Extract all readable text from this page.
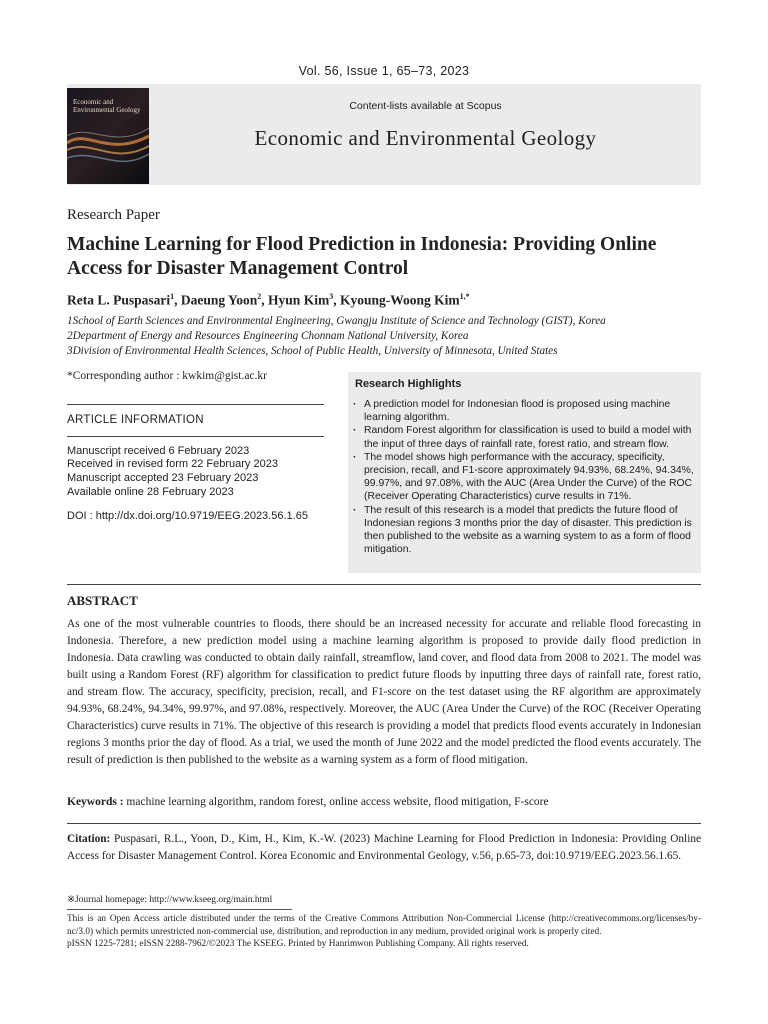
Vol. 56, Issue 1, 65–73, 2023
Economic and
Environmental Geology	Content-lists available at Scopus
Economic and Environmental Geology
Research Paper
Machine Learning for Flood Prediction in Indonesia: Providing Online Access for Disaster Management Control
Reta L. Puspasari$^1$, Daeung Yoon$^2$, Hyun Kim$^3$, Kyoung-Woong Kim$^{1,*}$
1School of Earth Sciences and Environmental Engineering, Gwangju Institute of Science and Technology (GIST), Korea
2Department of Energy and Resources Engineering Chonnam National University, Korea
3Division of Environmental Health Sciences, School of Public Health, University of Minnesota, United States
*Corresponding author : kwkim@gist.ac.kr
ARTICLE INFORMATION
Manuscript received 6 February 2023
Received in revised form 22 February 2023
Manuscript accepted 23 February 2023
Available online 28 February 2023
DOI : http://dx.doi.org/10.9719/EEG.2023.56.1.65
Research Highlights
· A prediction model for Indonesian flood is proposed using machine learning algorithm.
· Random Forest algorithm for classification is used to build a model with the input of three days of rainfall rate, forest ratio, and stream flow.
· The model shows high performance with the accuracy, specificity, precision, recall, and F1-score approximately 94.93%, 68.24%, 94.34%, 99.97%, and 97.08%, with the AUC (Area Under the Curve) of the ROC (Receiver Operating Characteristics) curve results in 71%.
· The result of this research is a model that predicts the future flood of Indonesian regions 3 months prior the day of disaster. This prediction is then published to the website as a warning system to as a form of flood mitigation.
ABSTRACT
As one of the most vulnerable countries to floods, there should be an increased necessity for accurate and reliable flood forecasting in Indonesia. Therefore, a new prediction model using a machine learning algorithm is proposed to provide daily flood prediction in Indonesia. Data crawling was conducted to obtain daily rainfall, streamflow, land cover, and flood data from 2008 to 2021. The model was built using a Random Forest (RF) algorithm for classification to predict future floods by inputting three days of rainfall rate, forest ratio, and stream flow. The accuracy, specificity, precision, recall, and F1-score on the test dataset using the RF algorithm are approximately 94.93%, 68.24%, 94.34%, 99.97%, and 97.08%, respectively. Moreover, the AUC (Area Under the Curve) of the ROC (Receiver Operating Characteristics) curve results in 71%. The objective of this research is providing a model that predicts flood events accurately in Indonesian regions 3 months prior the day of flood. As a trial, we used the month of June 2022 and the model predicted the flood events accurately. The result of prediction is then published to the website as a warning system as a form of flood mitigation.
Keywords : machine learning algorithm, random forest, online access website, flood mitigation, F-score
Citation: Puspasari, R.L., Yoon, D., Kim, H., Kim, K.-W. (2023) Machine Learning for Flood Prediction in Indonesia: Providing Online Access for Disaster Management Control. Korea Economic and Environmental Geology, v.56, p.65-73, doi:10.9719/EEG.2023.56.1.65.
※Journal homepage: http://www.kseeg.org/main.html
This is an Open Access article distributed under the terms of the Creative Commons Attribution Non-Commercial License (http://creativecommons.org/licenses/by-nc/3.0) which permits unrestricted non-commercial use, distribution, and reproduction in any medium, provided original work is properly cited.
pISSN 1225-7281; eISSN 2288-7962/©2023 The KSEEG. Printed by Hanrimwon Publishing Company. All rights reserved.
